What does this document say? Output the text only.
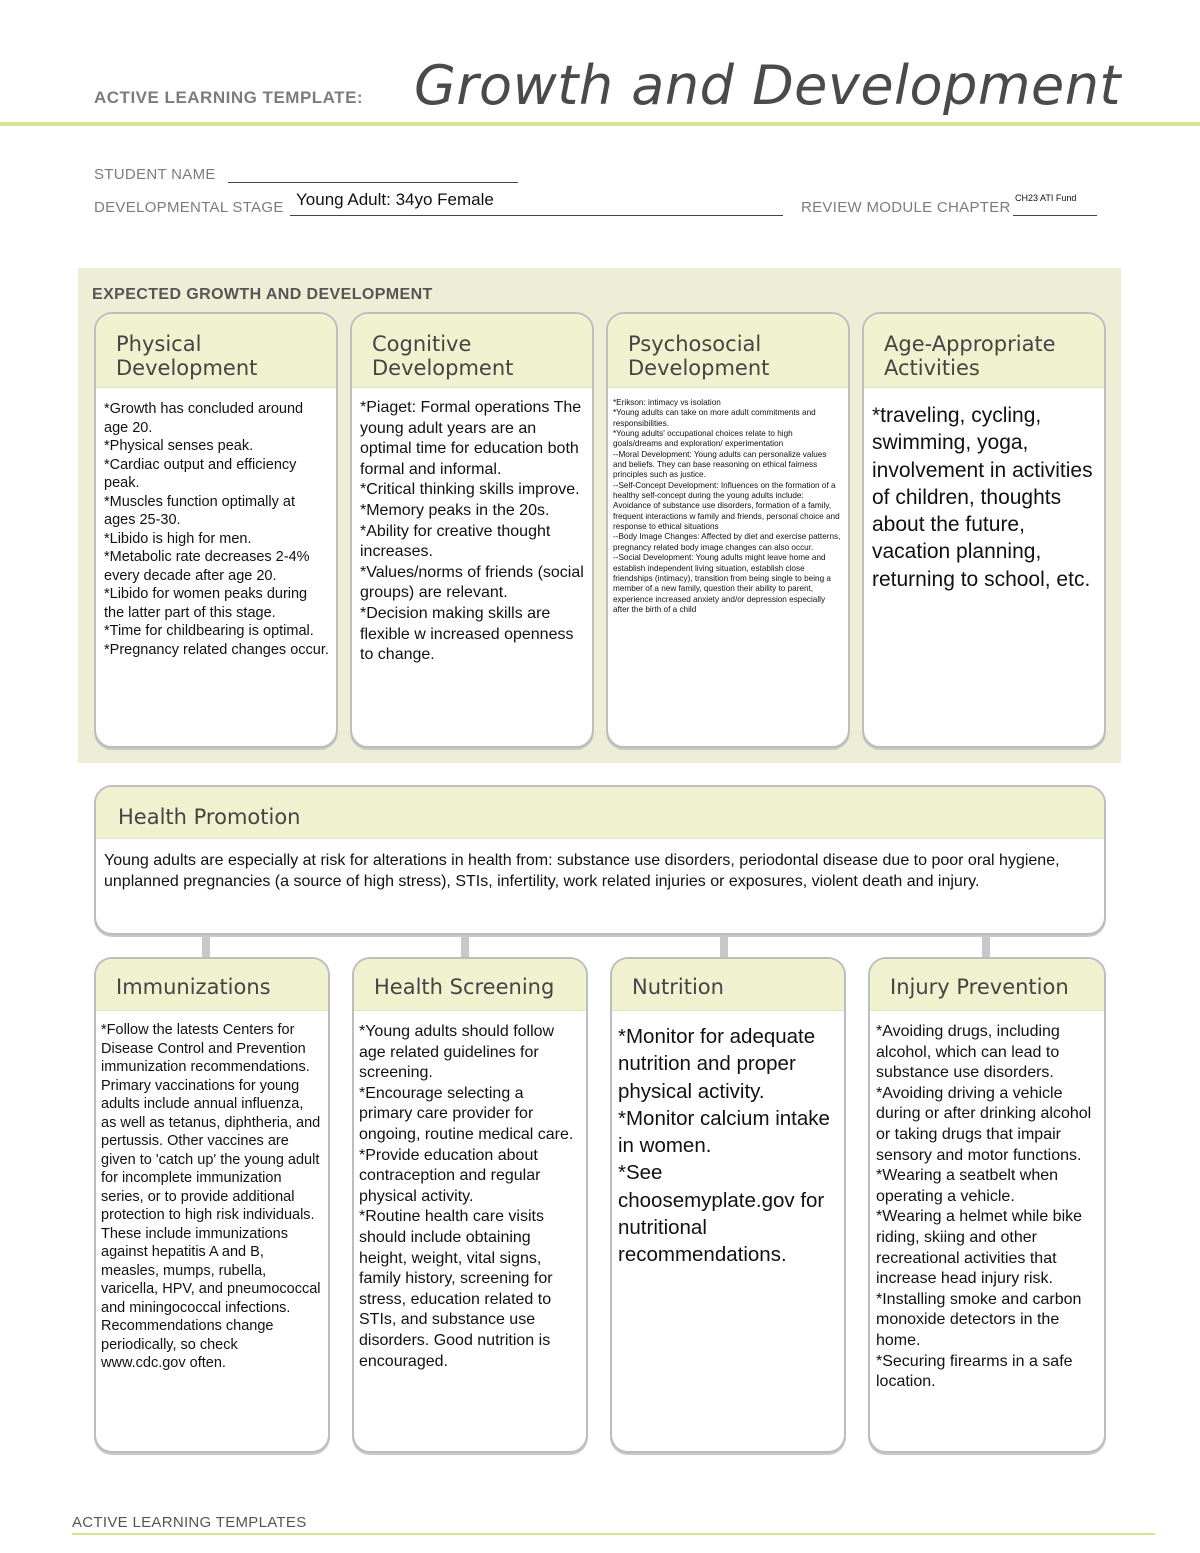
ACTIVE LEARNING TEMPLATE: Growth and Development
STUDENT NAME
DEVELOPMENTAL STAGE Young Adult: 34yo Female	REVIEW MODULE CHAPTER
CH23 ATI Fund
EXPECTED GROWTH AND DEVELOPMENT
Physical
Development

*Growth has concluded around age 20.

*Physical senses peak.

*Cardiac output and efficiency peak.

*Muscles function optimally at ages 25-30.

*Libido is high for men.

*Metabolic rate decreases 2-4%  every decade after age 20.

*Libido for women peaks during the latter part of this stage.

*Time for childbearing is optimal.

*Pregnancy related changes occur.

Cognitive
Development

*Piaget: Formal operations The young adult years are an optimal time for education both formal and informal.

*Critical thinking skills improve.

*Memory peaks in the 20s.

*Ability for creative thought increases.

*Values/norms of friends (social groups) are relevant.

*Decision making skills are flexible w increased openness to change.

Psychosocial
Development

*Erikson: intimacy vs isolation

*Young adults can take on more adult commitments and responsibilities.

*Young adults' occupational choices relate to high goals/dreams and exploration/ experimentation

--Moral Development: Young adults can personalize values and beliefs. They can base reasoning on ethical fairness principles such as justice.

--Self-Concept Development: Influences on the formation of a healthy self-concept during the young adults include: Avoidance of substance use disorders, formation of a family, frequent interactions w family and friends, personal choice and response to ethical situations

--Body Image Changes: Affected by diet and exercise patterns, pregnancy related body image changes can also occur.

--Social Development: Young adults might leave home and establish independent living situation, establish close friendships (intimacy), transition from being single to being a member of a new family, question their ability to parent, experience increased anxiety and/or depression especially after the birth of a child

Age-Appropriate
Activities

*traveling, cycling, swimming, yoga, involvement in activities of children, thoughts about the future, vacation planning, returning to school, etc.

Health Promotion
Young adults are especially at risk for alterations in health from: substance use disorders, periodontal disease due to poor oral hygiene, unplanned pregnancies (a source of high stress), STIs, infertility, work related injuries or exposures, violent death and injury.
Immunizations

*Follow the latests Centers for Disease Control and Prevention immunization recommendations. Primary vaccinations for young adults include annual influenza, as well as tetanus, diphtheria, and pertussis. Other vaccines are given to 'catch up' the young adult for incomplete immunization series, or to provide additional protection to high risk individuals. These include immunizations against hepatitis A and B, measles, mumps, rubella, varicella, HPV, and pneumococcal and miningococcal infections. Recommendations change periodically, so check www.cdc.gov often.

Health Screening

*Young adults should follow age related guidelines for screening.

*Encourage selecting a primary care provider for ongoing, routine medical care.

*Provide education about contraception and regular physical activity.

*Routine health care visits should include obtaining height, weight, vital signs, family history, screening for stress, education related to STIs, and substance use disorders. Good nutrition is encouraged.

Nutrition

*Monitor for adequate nutrition and proper physical activity.

*Monitor calcium intake in women.

*See choosemyplate.gov for nutritional recommendations.

Injury Prevention

*Avoiding drugs, including alcohol, which can lead to substance use disorders.

*Avoiding driving a vehicle during or after drinking alcohol or taking drugs that impair sensory and motor functions.

*Wearing a seatbelt when operating a vehicle.

*Wearing a helmet while bike riding, skiing and other recreational activities that increase head injury risk.

*Installing smoke and carbon monoxide detectors in the home.

*Securing firearms in a safe location.

ACTIVE LEARNING TEMPLATES
